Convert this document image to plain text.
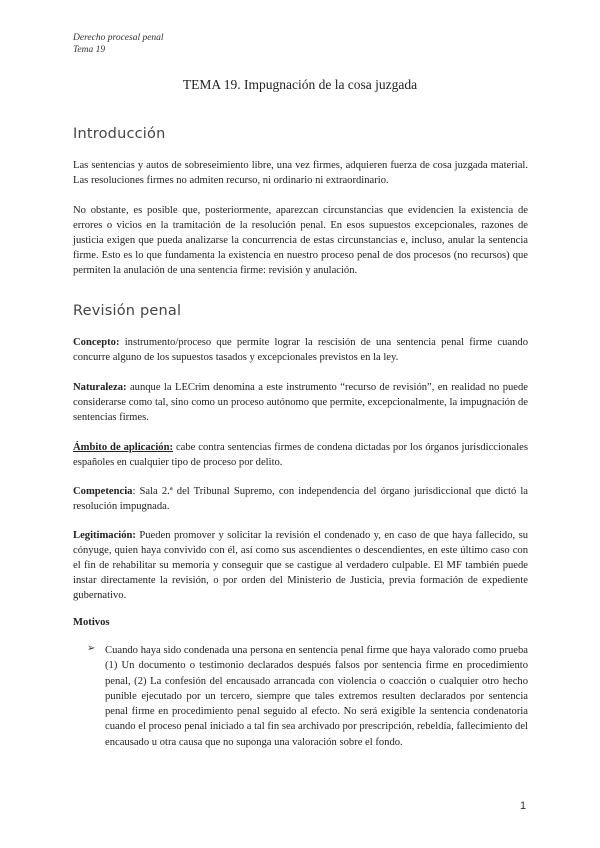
Derecho procesal penal
Tema 19
TEMA 19. Impugnación de la cosa juzgada
Introducción
Las sentencias y autos de sobreseimiento libre, una vez firmes, adquieren fuerza de cosa juzgada material. Las resoluciones firmes no admiten recurso, ni ordinario ni extraordinario.
No obstante, es posible que, posteriormente, aparezcan circunstancias que evidencien la existencia de errores o vicios en la tramitación de la resolución penal. En esos supuestos excepcionales, razones de justicia exigen que pueda analizarse la concurrencia de estas circunstancias e, incluso, anular la sentencia firme. Esto es lo que fundamenta la existencia en nuestro proceso penal de dos procesos (no recursos) que permiten la anulación de una sentencia firme: revisión y anulación.
Revisión penal
Concepto: instrumento/proceso que permite lograr la rescisión de una sentencia penal firme cuando concurre alguno de los supuestos tasados y excepcionales previstos en la ley.
Naturaleza: aunque la LECrim denomina a este instrumento “recurso de revisión”, en realidad no puede considerarse como tal, sino como un proceso autónomo que permite, excepcionalmente, la impugnación de sentencias firmes.
Ámbito de aplicación: cabe contra sentencias firmes de condena dictadas por los órganos jurisdiccionales españoles en cualquier tipo de proceso por delito.
Competencia: Sala 2.ª del Tribunal Supremo, con independencia del órgano jurisdiccional que dictó la resolución impugnada.
Legitimación: Pueden promover y solicitar la revisión el condenado y, en caso de que haya fallecido, su cónyuge, quien haya convivido con él, así como sus ascendientes o descendientes, en este último caso con el fin de rehabilitar su memoria y conseguir que se castigue al verdadero culpable. El MF también puede instar directamente la revisión, o por orden del Ministerio de Justicia, previa formación de expediente gubernativo.
Motivos
➢ Cuando haya sido condenada una persona en sentencia penal firme que haya valorado como prueba (1) Un documento o testimonio declarados después falsos por sentencia firme en procedimiento penal, (2) La confesión del encausado arrancada con violencia o coacción o cualquier otro hecho punible ejecutado por un tercero, siempre que tales extremos resulten declarados por sentencia penal firme en procedimiento penal seguido al efecto. No será exigible la sentencia condenatoria cuando el proceso penal iniciado a tal fin sea archivado por prescripción, rebeldía, fallecimiento del encausado u otra causa que no suponga una valoración sobre el fondo.
1
